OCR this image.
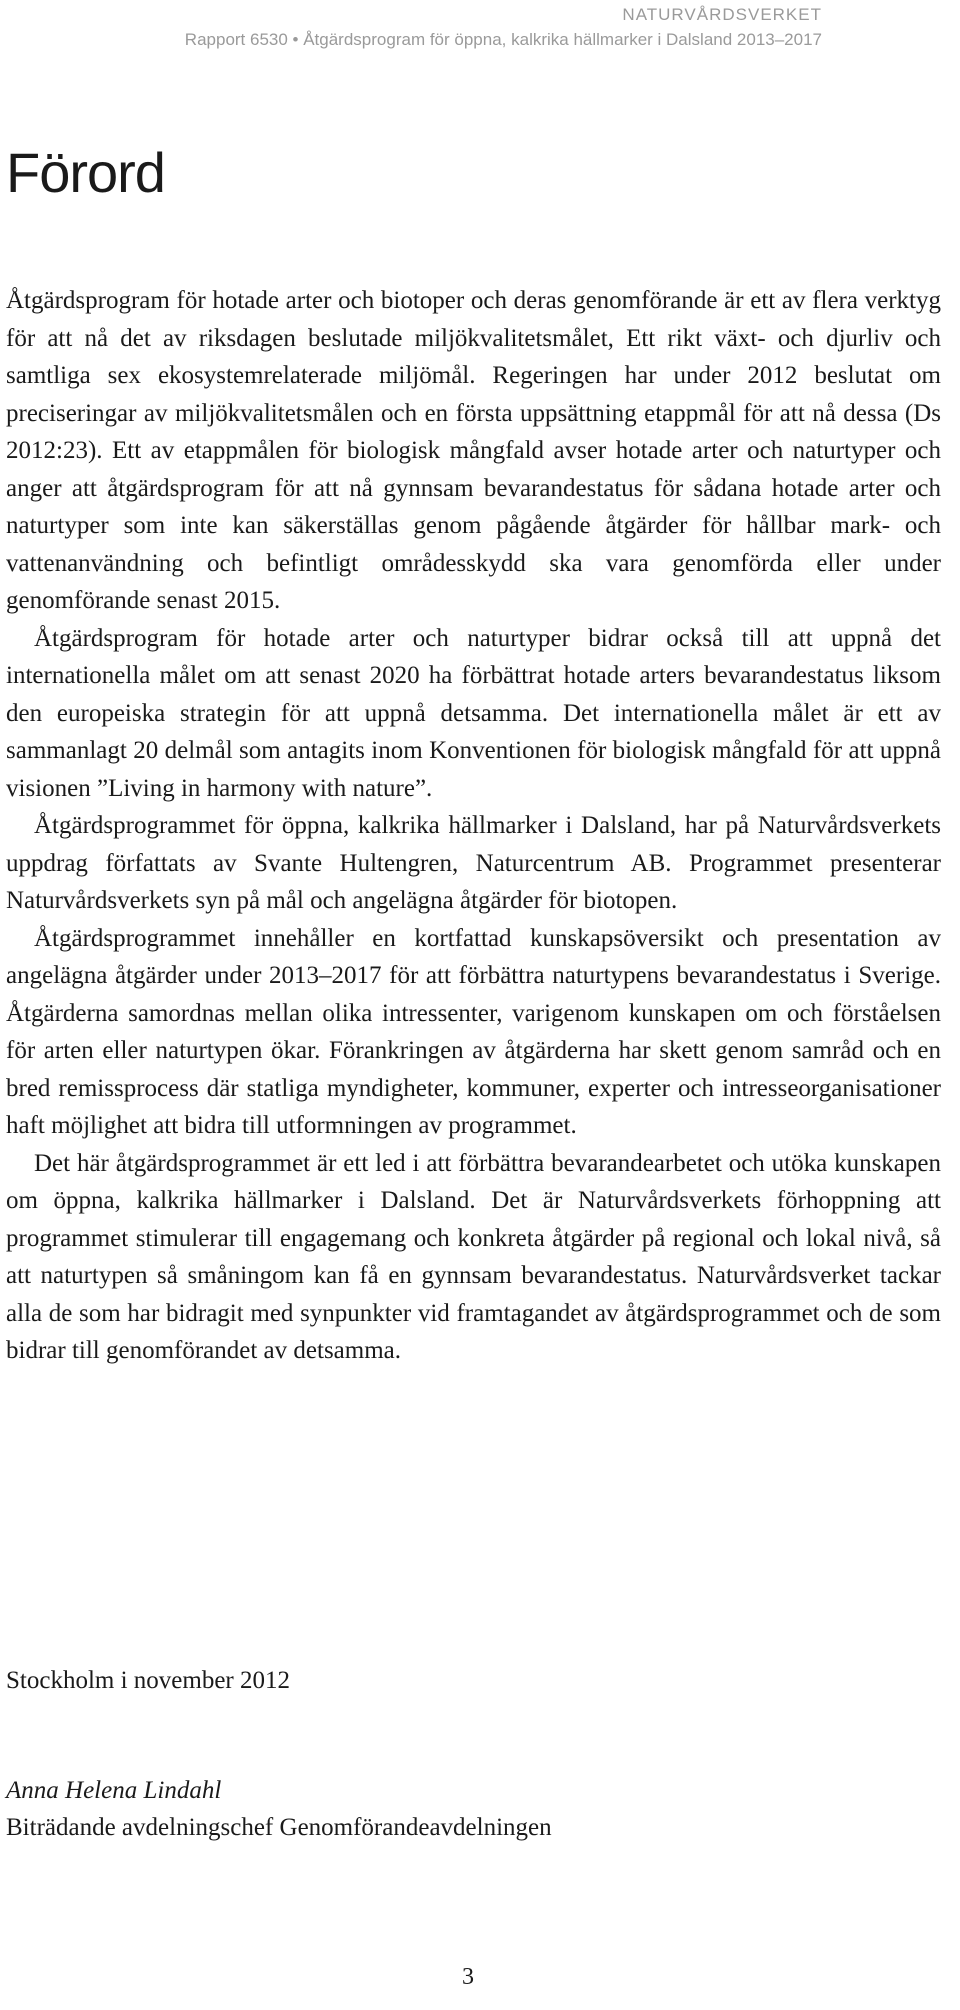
NATURVÅRDSVERKET
Rapport 6530 • Åtgärdsprogram för öppna, kalkrika hällmarker i Dalsland 2013–2017
Förord

Åtgärdsprogram för hotade arter och biotoper och deras genomförande är ett av flera verktyg för att nå det av riksdagen beslutade miljökvalitetsmålet, Ett rikt växt- och djurliv och samtliga sex ekosystemrelaterade miljömål. Regeringen har under 2012 beslutat om preciseringar av miljökvalitetsmålen och en första uppsättning etappmål för att nå dessa (Ds 2012:23). Ett av etappmålen för biologisk mångfald avser hotade arter och naturtyper och anger att åtgärdsprogram för att nå gynnsam bevarandestatus för sådana hotade arter och naturtyper som inte kan säkerställas genom pågående åtgärder för hållbar mark- och vattenanvändning och befintligt områdesskydd ska vara genomförda eller under genomförande senast 2015.

Åtgärdsprogram för hotade arter och naturtyper bidrar också till att uppnå det internationella målet om att senast 2020 ha förbättrat hotade arters bevarandestatus liksom den europeiska strategin för att uppnå detsamma. Det internationella målet är ett av sammanlagt 20 delmål som antagits inom Konventionen för biologisk mångfald för att uppnå visionen ”Living in harmony with nature”.

Åtgärdsprogrammet för öppna, kalkrika hällmarker i Dalsland, har på Naturvårdsverkets uppdrag författats av Svante Hultengren, Naturcentrum AB. Programmet presenterar Naturvårdsverkets syn på mål och angelägna åtgärder för biotopen.

Åtgärdsprogrammet innehåller en kortfattad kunskapsöversikt och presentation av angelägna åtgärder under 2013–2017 för att förbättra naturtypens bevarandestatus i Sverige. Åtgärderna samordnas mellan olika intressenter, varigenom kunskapen om och förståelsen för arten eller naturtypen ökar. Förankringen av åtgärderna har skett genom samråd och en bred remissprocess där statliga myndigheter, kommuner, experter och intresseorganisationer haft möjlighet att bidra till utformningen av programmet.

Det här åtgärdsprogrammet är ett led i att förbättra bevarandearbetet och utöka kunskapen om öppna, kalkrika hällmarker i Dalsland. Det är Naturvårdsverkets förhoppning att programmet stimulerar till engagemang och konkreta åtgärder på regional och lokal nivå, så att naturtypen så småningom kan få en gynnsam bevarandestatus. Naturvårdsverket tackar alla de som har bidragit med synpunkter vid framtagandet av åtgärdsprogrammet och de som bidrar till genomförandet av detsamma.

Stockholm i november 2012

Anna Helena Lindahl
Biträdande avdelningschef Genomförandeavdelningen
3
